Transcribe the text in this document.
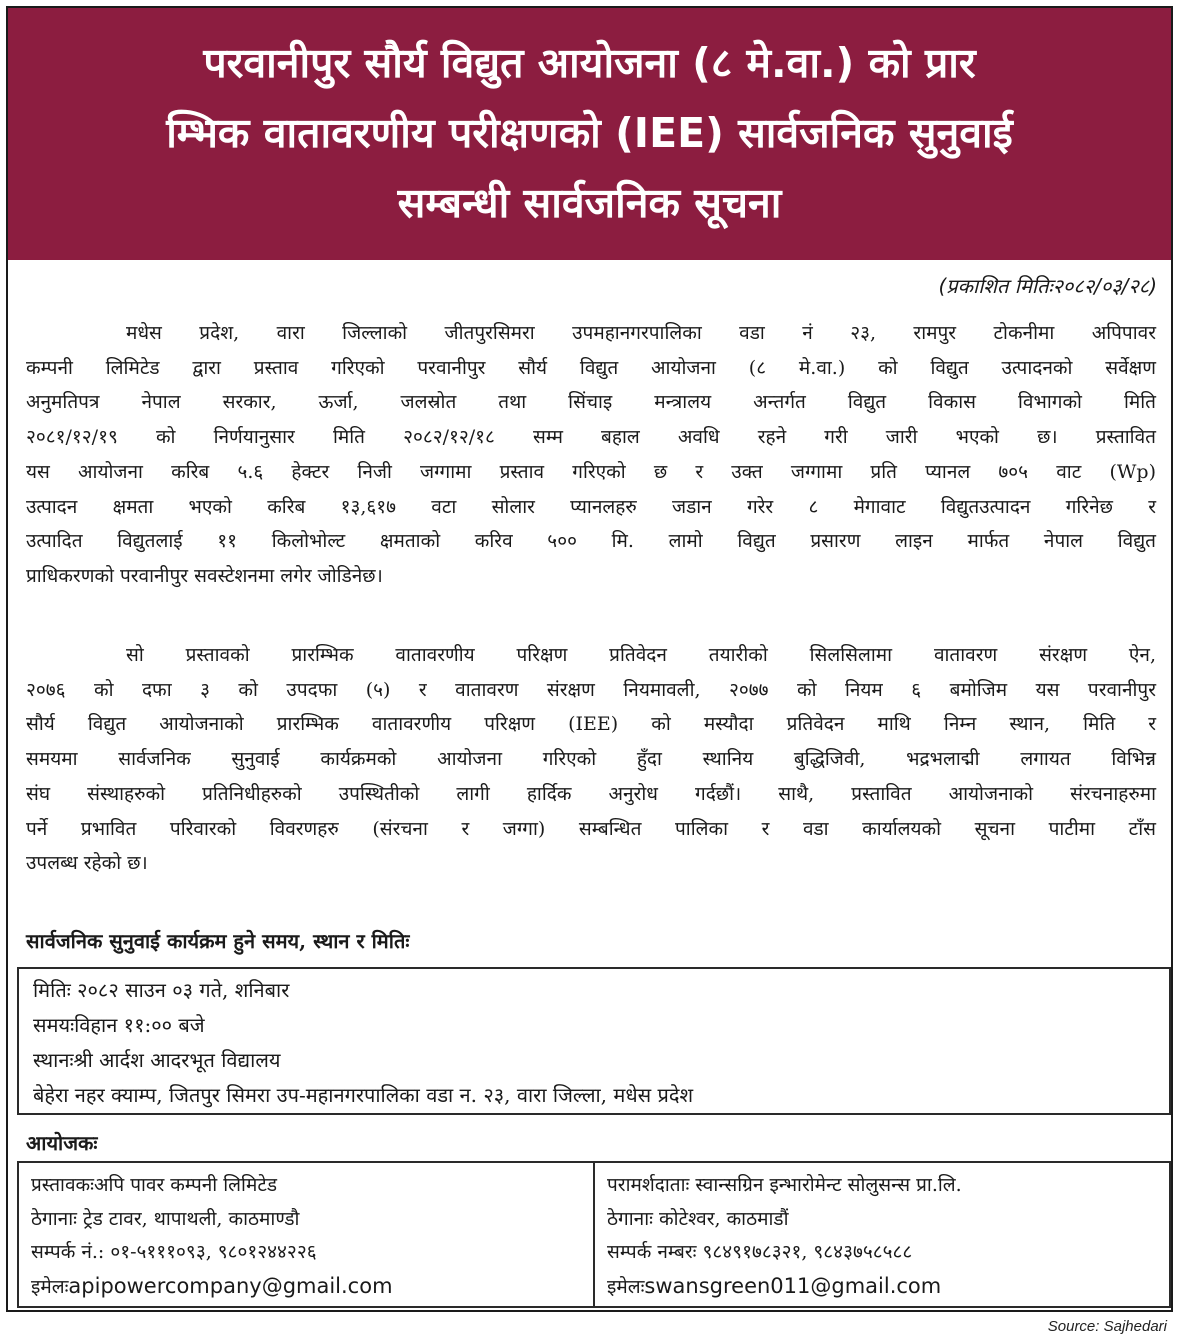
परवानीपुर सौर्य विद्युत आयोजना (८ मे.वा.) को प्रार
म्भिक वातावरणीय परीक्षणको (IEE) सार्वजनिक सुनुवाई
सम्बन्धी सार्वजनिक सूचना
(प्रकाशित मितिः२०८२/०३/२८)
मधेस प्रदेश, वारा जिल्लाको जीतपुरसिमरा उपमहानगरपालिका वडा नं २३, रामपुर टोकनीमा अपिपावर
कम्पनी लिमिटेड द्वारा प्रस्ताव गरिएको परवानीपुर सौर्य विद्युत आयोजना (८ मे.वा.) को विद्युत उत्पादनको सर्वेक्षण
अनुमतिपत्र नेपाल सरकार, ऊर्जा, जलस्रोत तथा सिंचाइ मन्त्रालय अन्तर्गत विद्युत विकास विभागको मिति
२०८१/१२/१९ को निर्णयानुसार मिति २०८२/१२/१८ सम्म बहाल अवधि रहने गरी जारी भएको छ। प्रस्तावित
यस आयोजना करिब ५.६ हेक्टर निजी जग्गामा प्रस्ताव गरिएको छ र उक्त जग्गामा प्रति प्यानल ७०५ वाट (Wp)
उत्पादन क्षमता भएको करिब १३,६१७ वटा सोलार प्यानलहरु जडान गरेर ८ मेगावाट विद्युतउत्पादन गरिनेछ र
उत्पादित विद्युतलाई ११ किलोभोल्ट क्षमताको करिव ५०० मि. लामो विद्युत प्रसारण लाइन मार्फत नेपाल विद्युत
प्राधिकरणको परवानीपुर सवस्टेशनमा लगेर जोडिनेछ।
सो प्रस्तावको प्रारम्भिक वातावरणीय परिक्षण प्रतिवेदन तयारीको सिलसिलामा वातावरण संरक्षण ऐन,
२०७६ को दफा ३ को उपदफा (५) र वातावरण संरक्षण नियमावली, २०७७ को नियम ६ बमोजिम यस परवानीपुर
सौर्य विद्युत आयोजनाको प्रारम्भिक वातावरणीय परिक्षण (IEE) को मस्यौदा प्रतिवेदन माथि निम्न स्थान, मिति र
समयमा सार्वजनिक सुनुवाई कार्यक्रमको आयोजना गरिएको हुँदा स्थानिय बुद्धिजिवी, भद्रभलाद्मी लगायत विभिन्न
संघ संस्थाहरुको प्रतिनिधीहरुको उपस्थितीको लागी हार्दिक अनुरोध गर्दछौं। साथै, प्रस्तावित आयोजनाको संरचनाहरुमा
पर्ने प्रभावित परिवारको विवरणहरु (संरचना र जग्गा) सम्बन्धित पालिका र वडा कार्यालयको सूचना पाटीमा टाँस
उपलब्ध रहेको छ।
सार्वजनिक सुनुवाई कार्यक्रम हुने समय, स्थान र मितिः
मितिः २०८२ साउन ०३ गते, शनिबार
समयःविहान ११:०० बजे
स्थानःश्री आर्दश आदरभूत विद्यालय
बेहेरा नहर क्याम्प, जितपुर सिमरा उप-महानगरपालिका वडा न. २३, वारा जिल्ला, मधेस प्रदेश
आयोजकः
प्रस्तावकःअपि पावर कम्पनी लिमिटेड
ठेगानाः ट्रेड टावर, थापाथली, काठमाण्डौ
सम्पर्क नं.: ०१-५१११०९३, ९८०१२४४२२६
इमेलःapipowercompany@gmail.com
परामर्शदाताः स्वान्सग्रिन इन्भारोमेन्ट सोलुसन्स प्रा.लि.
ठेगानाः कोटेश्वर, काठमाडौं
सम्पर्क नम्बरः ९८४९१७८३२१, ९८४३७५८५८८
इमेलःswansgreen011@gmail.com
Source: Sajhedari
